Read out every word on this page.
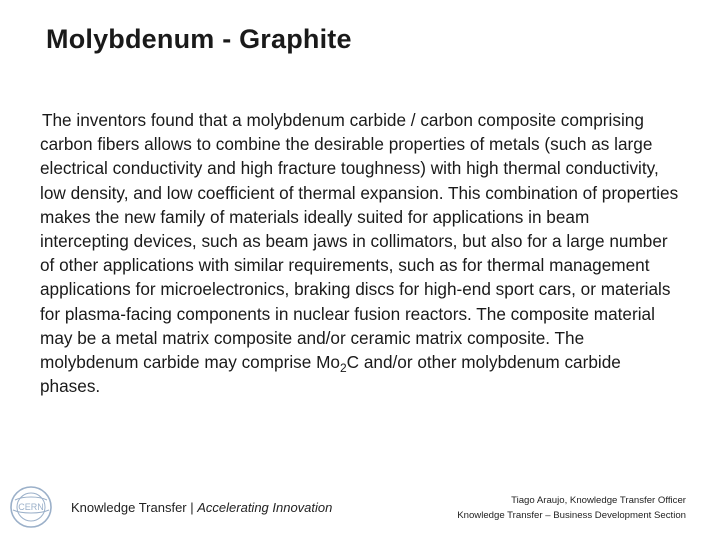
Molybdenum - Graphite

The inventors found that a molybdenum carbide / carbon composite comprising carbon fibers allows to combine the desirable properties of metals (such as large electrical conductivity and high fracture toughness) with high thermal conductivity, low density, and low coefficient of thermal expansion. This combination of properties makes the new family of materials ideally suited for applications in beam intercepting devices, such as beam jaws in collimators, but also for a large number of other applications with similar requirements, such as for thermal management applications for microelectronics, braking discs for high-end sport cars, or materials for plasma-facing components in nuclear fusion reactors. The composite material may be a metal matrix composite and/or ceramic matrix composite. The molybdenum carbide may comprise $Mo_2C$ and/or other molybdenum carbide phases.

CERN Knowledge Transfer | Accelerating Innovation	Tiago Araujo, Knowledge Transfer Officer
Knowledge Transfer – Business Development Section
